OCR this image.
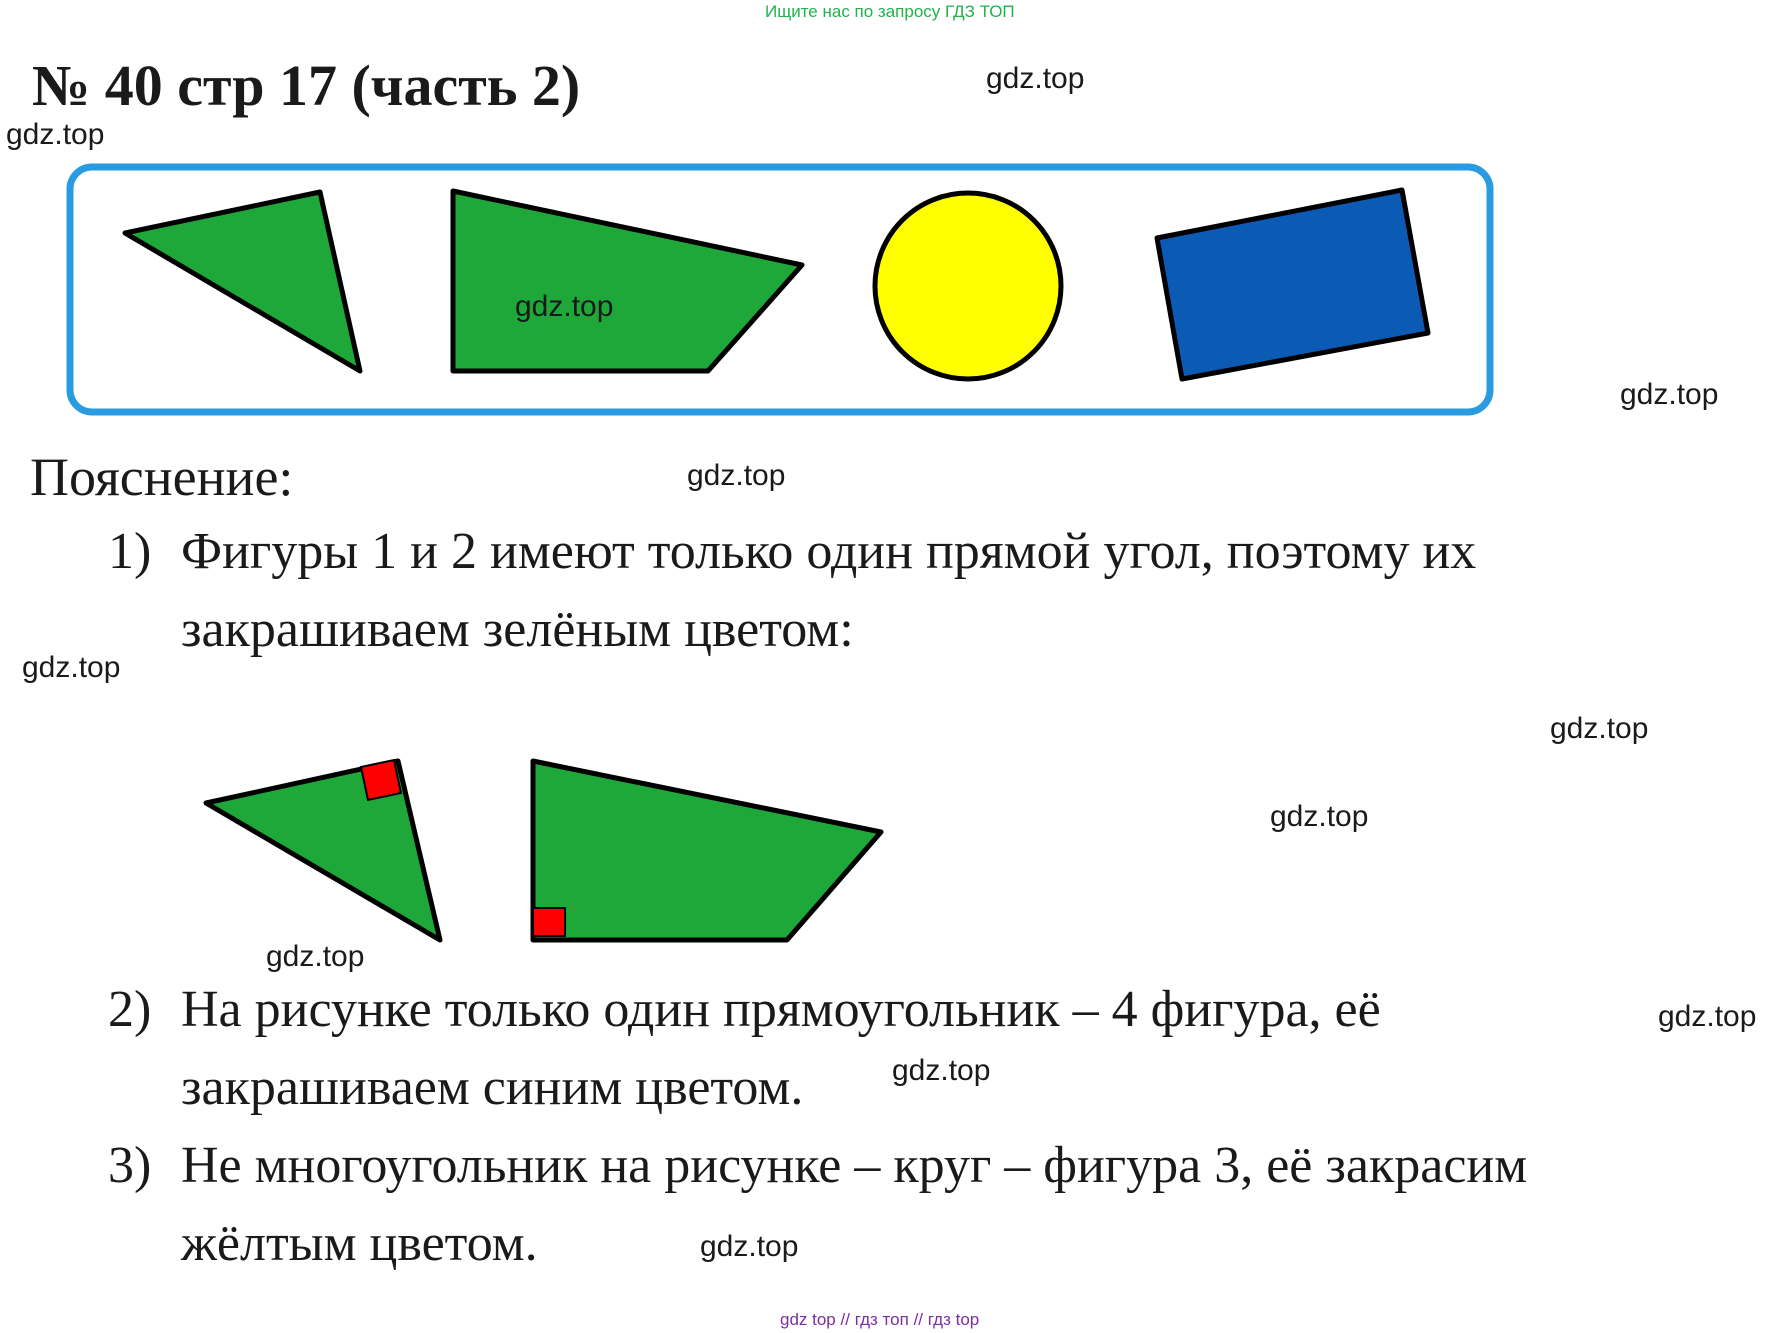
Ищите нас по запросу ГДЗ ТОП
№ 40 стр 17 (часть 2)
Пояснение:
1) Фигуры 1 и 2 имеют только один прямой угол, поэтому их
закрашиваем зелёным цветом:
2) На рисунке только один прямоугольник – 4 фигура, её
закрашиваем синим цветом.
3) Не многоугольник на рисунке – круг – фигура 3, её закрасим
жёлтым цветом.
gdz.top
gdz.top
gdz.top
gdz.top
gdz.top
gdz.top
gdz.top
gdz.top
gdz.top
gdz.top
gdz.top
gdz.top
gdz top // гдз топ // гдз top
